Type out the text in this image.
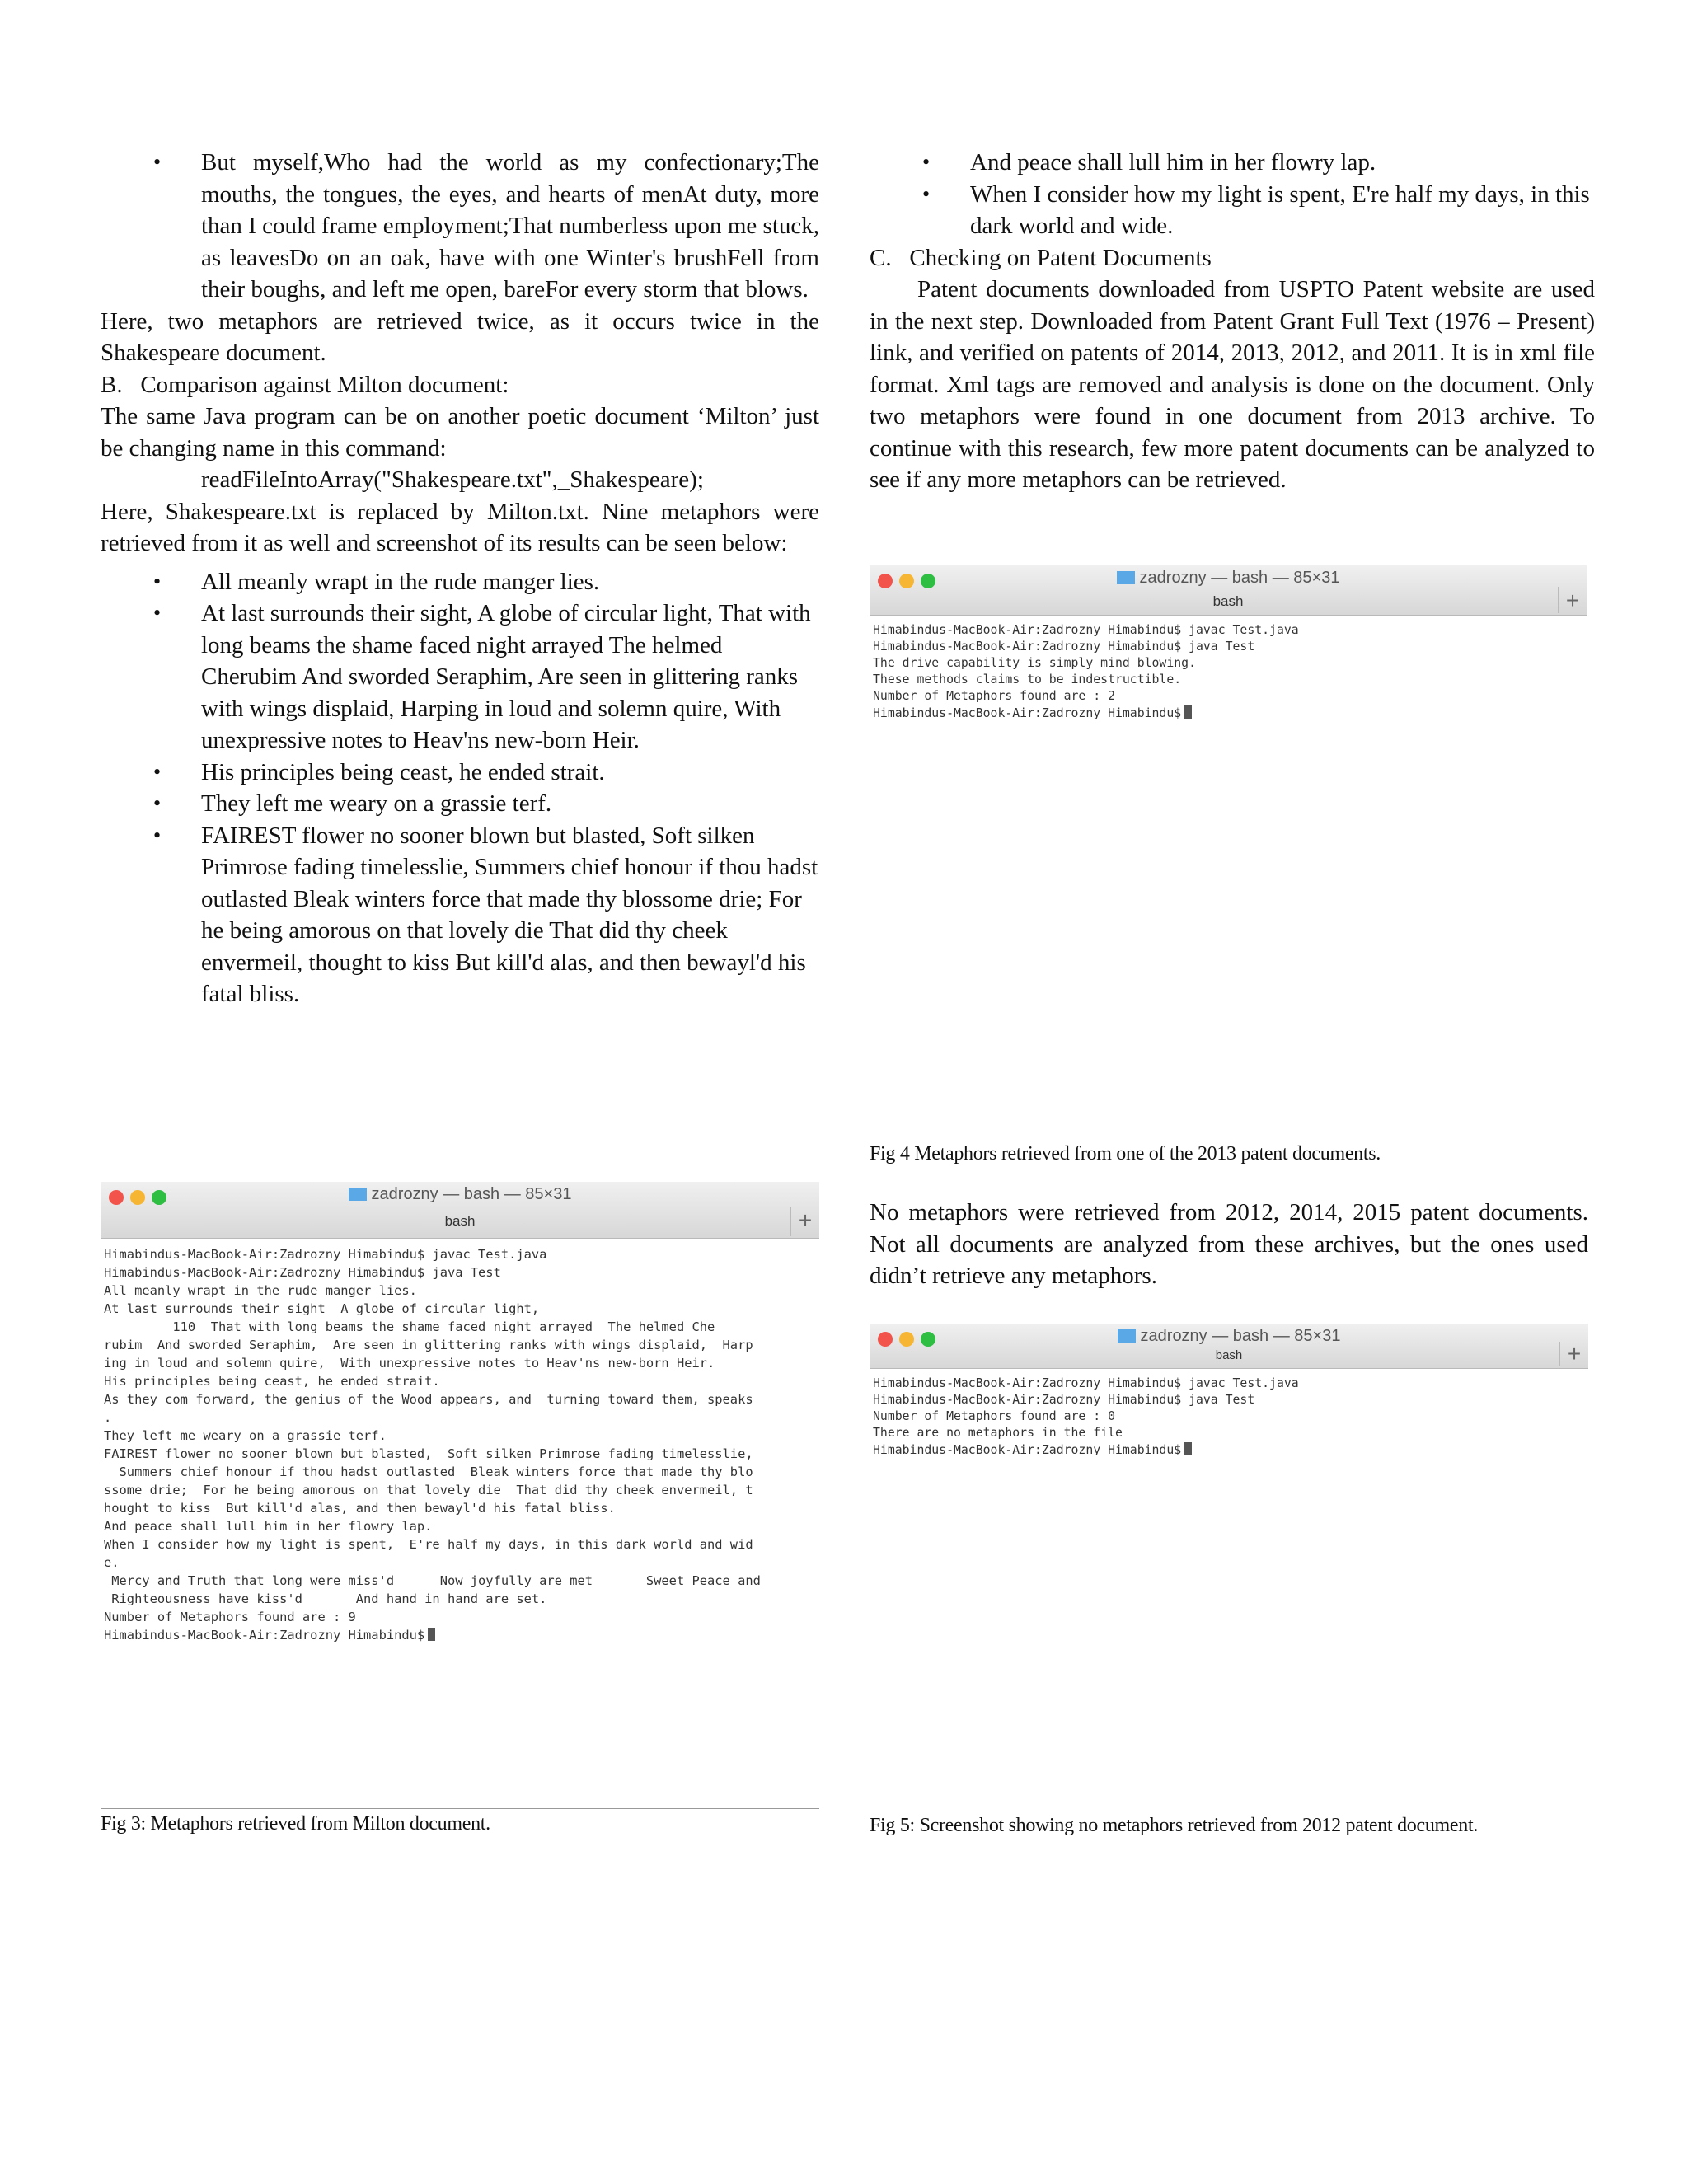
• But myself,Who had the world as my confectionary;The mouths, the tongues, the eyes, and hearts of menAt duty, more than I could frame employment;That numberless upon me stuck, as leavesDo on an oak, have with one Winter's brushFell from their boughs, and left me open, bareFor every storm that blows.

Here, two metaphors are retrieved twice, as it occurs twice in the Shakespeare document.

B.  Comparison against Milton document:

The same Java program can be on another poetic document ‘Milton’ just be changing name in this command:

readFileIntoArray("Shakespeare.txt",_Shakespeare);

Here, Shakespeare.txt is replaced by Milton.txt. Nine metaphors were retrieved from it as well and screenshot of its results can be seen below:

• All meanly wrapt in the rude manger lies.
• At last surrounds their sight, A globe of circular light, That with long beams the shame faced night arrayed The helmed Cherubim And sworded Seraphim, Are seen in glittering ranks with wings displaid, Harping in loud and solemn quire, With unexpressive notes to Heav'ns new-born Heir.
• His principles being ceast, he ended strait.
• They left me weary on a grassie terf.
• FAIREST flower no sooner blown but blasted, Soft silken Primrose fading timelesslie, Summers chief honour if thou hadst outlasted Bleak winters force that made thy blossome drie; For he being amorous on that lovely die That did thy cheek envermeil, thought to kiss But kill'd alas, and then bewayl'd his fatal bliss.
zadrozny — bash — 85×31
bash	+

Himabindus-MacBook-Air:Zadrozny Himabindu$ javac Test.java

Himabindus-MacBook-Air:Zadrozny Himabindu$ java Test

All meanly wrapt in the rude manger lies.

At last surrounds their sight  A globe of circular light,

110  That with long beams the shame faced night arrayed  The helmed Che

rubim  And sworded Seraphim,  Are seen in glittering ranks with wings displaid,  Harp

ing in loud and solemn quire,  With unexpressive notes to Heav'ns new-born Heir.

His principles being ceast, he ended strait.

As they com forward, the genius of the Wood appears, and  turning toward them, speaks

.

They left me weary on a grassie terf.

FAIREST flower no sooner blown but blasted,  Soft silken Primrose fading timelesslie,

Summers chief honour if thou hadst outlasted  Bleak winters force that made thy blo

ssome drie;  For he being amorous on that lovely die  That did thy cheek envermeil, t

hought to kiss  But kill'd alas, and then bewayl'd his fatal bliss.

And peace shall lull him in her flowry lap.

When I consider how my light is spent,  E're half my days, in this dark world and wid

e.

Mercy and Truth that long were miss'd      Now joyfully are met       Sweet Peace and

Righteousness have kiss'd       And hand in hand are set.

Number of Metaphors found are : 9

Himabindus-MacBook-Air:Zadrozny Himabindu$

Fig 3: Metaphors retrieved from Milton document.

• And peace shall lull him in her flowry lap.
• When I consider how my light is spent, E're half my days, in this dark world and wide.

C.  Checking on Patent Documents

Patent documents downloaded from USPTO Patent website are used in the next step. Downloaded from Patent Grant Full Text (1976 – Present) link, and verified on patents of 2014, 2013, 2012, and 2011. It is in xml file format. Xml tags are removed and analysis is done on the document. Only two metaphors were found in one document from 2013 archive. To continue with this research, few more patent documents can be analyzed to see if any more metaphors can be retrieved.

zadrozny — bash — 85×31
bash	+

Himabindus-MacBook-Air:Zadrozny Himabindu$ javac Test.java

Himabindus-MacBook-Air:Zadrozny Himabindu$ java Test

The drive capability is simply mind blowing.

These methods claims to be indestructible.

Number of Metaphors found are : 2

Himabindus-MacBook-Air:Zadrozny Himabindu$

Fig 4 Metaphors retrieved from one of the 2013 patent documents.

No metaphors were retrieved from 2012, 2014, 2015 patent documents. Not all documents are analyzed from these archives, but the ones used didn’t retrieve any metaphors.

zadrozny — bash — 85×31
bash	+

Himabindus-MacBook-Air:Zadrozny Himabindu$ javac Test.java

Himabindus-MacBook-Air:Zadrozny Himabindu$ java Test

Number of Metaphors found are : 0

There are no metaphors in the file

Himabindus-MacBook-Air:Zadrozny Himabindu$

Fig 5: Screenshot showing no metaphors retrieved from 2012 patent document.
